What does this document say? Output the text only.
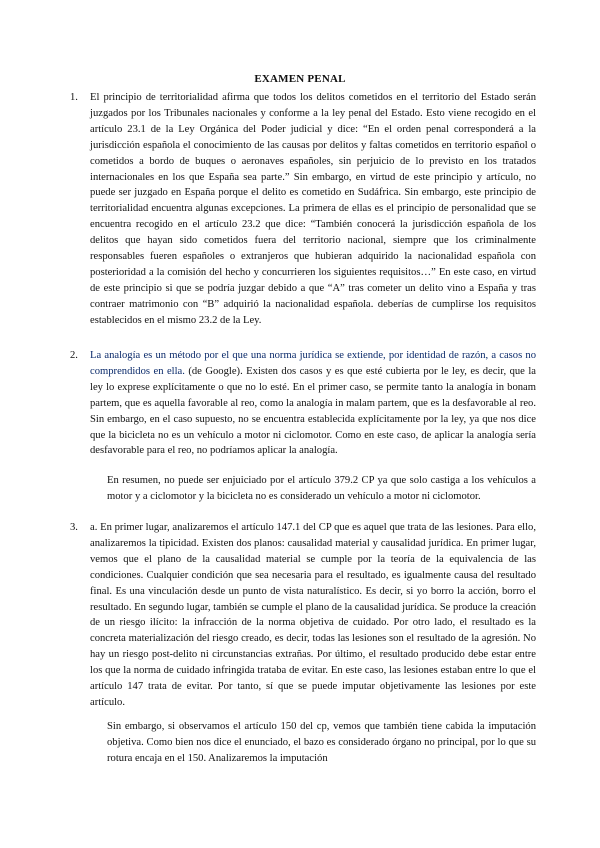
EXAMEN PENAL
1.	El principio de territorialidad afirma que todos los delitos cometidos en el territorio del Estado serán juzgados por los Tribunales nacionales y conforme a la ley penal del Estado. Esto viene recogido en el artículo 23.1 de la Ley Orgánica del Poder judicial y dice: “En el orden penal corresponderá a la jurisdicción española el conocimiento de las causas por delitos y faltas cometidos en territorio español o cometidos a bordo de buques o aeronaves españoles, sin perjuicio de lo previsto en los tratados internacionales en los que España sea parte.” Sin embargo, en virtud de este principio y artículo, no puede ser juzgado en España porque el delito es cometido en Sudáfrica. Sin embargo, este principio de territorialidad encuentra algunas excepciones. La primera de ellas es el principio de personalidad que se encuentra recogido en el artículo 23.2 que dice: “También conocerá la jurisdicción española de los delitos que hayan sido cometidos fuera del territorio nacional, siempre que los criminalmente responsables fueren españoles o extranjeros que hubieran adquirido la nacionalidad española con posterioridad a la comisión del hecho y concurrieren los siguientes requisitos…” En este caso, en virtud de este principio si que se podría juzgar debido a que “A” tras cometer un delito vino a España y tras contraer matrimonio con “B” adquirió la nacionalidad española. deberías de cumplirse los requisitos establecidos en el mismo 23.2 de la Ley.

2.	La analogía es un método por el que una norma jurídica se extiende, por identidad de razón, a casos no comprendidos en ella. (de Google). Existen dos casos y es que esté cubierta por le ley, es decir, que la ley lo exprese explícitamente o que no lo esté. En el primer caso, se permite tanto la analogía in bonam partem, que es aquella favorable al reo, como la analogía in malam partem, que es la desfavorable al reo. Sin embargo, en el caso supuesto, no se encuentra establecida explícitamente por la ley, ya que nos dice que la bicicleta no es un vehículo a motor ni ciclomotor. Como en este caso, de aplicar la analogía sería desfavorable para el reo, no podríamos aplicar la analogía.

En resumen, no puede ser enjuiciado por el artículo 379.2 CP ya que solo castiga a los vehículos a motor y a ciclomotor y la bicicleta no es considerado un vehículo a motor ni ciclomotor.
3.	a. En primer lugar, analizaremos el artículo 147.1 del CP que es aquel que trata de las lesiones. Para ello, analizaremos la tipicidad. Existen dos planos: causalidad material y causalidad jurídica. En primer lugar, vemos que el plano de la causalidad material se cumple por la teoría de la equivalencia de las condiciones. Cualquier condición que sea necesaria para el resultado, es igualmente causa del resultado final. Es una vinculación desde un punto de vista naturalístico. Es decir, si yo borro la acción, borro el resultado. En segundo lugar, también se cumple el plano de la causalidad jurídica. Se produce la creación de un riesgo ilícito: la infracción de la norma objetiva de cuidado. Por otro lado, el resultado es la concreta materialización del riesgo creado, es decir, todas las lesiones son el resultado de la agresión. No hay un riesgo post-delito ni circunstancias extrañas. Por último, el resultado producido debe estar entre los que la norma de cuidado infringida trataba de evitar. En este caso, las lesiones estaban entre lo que el artículo 147 trata de evitar. Por tanto, sí que se puede imputar objetivamente las lesiones por este artículo.

Sin embargo, si observamos el artículo 150 del cp, vemos que también tiene cabida la imputación objetiva. Como bien nos dice el enunciado, el bazo es considerado órgano no principal, por lo que su rotura encaja en el 150. Analizaremos la imputación
